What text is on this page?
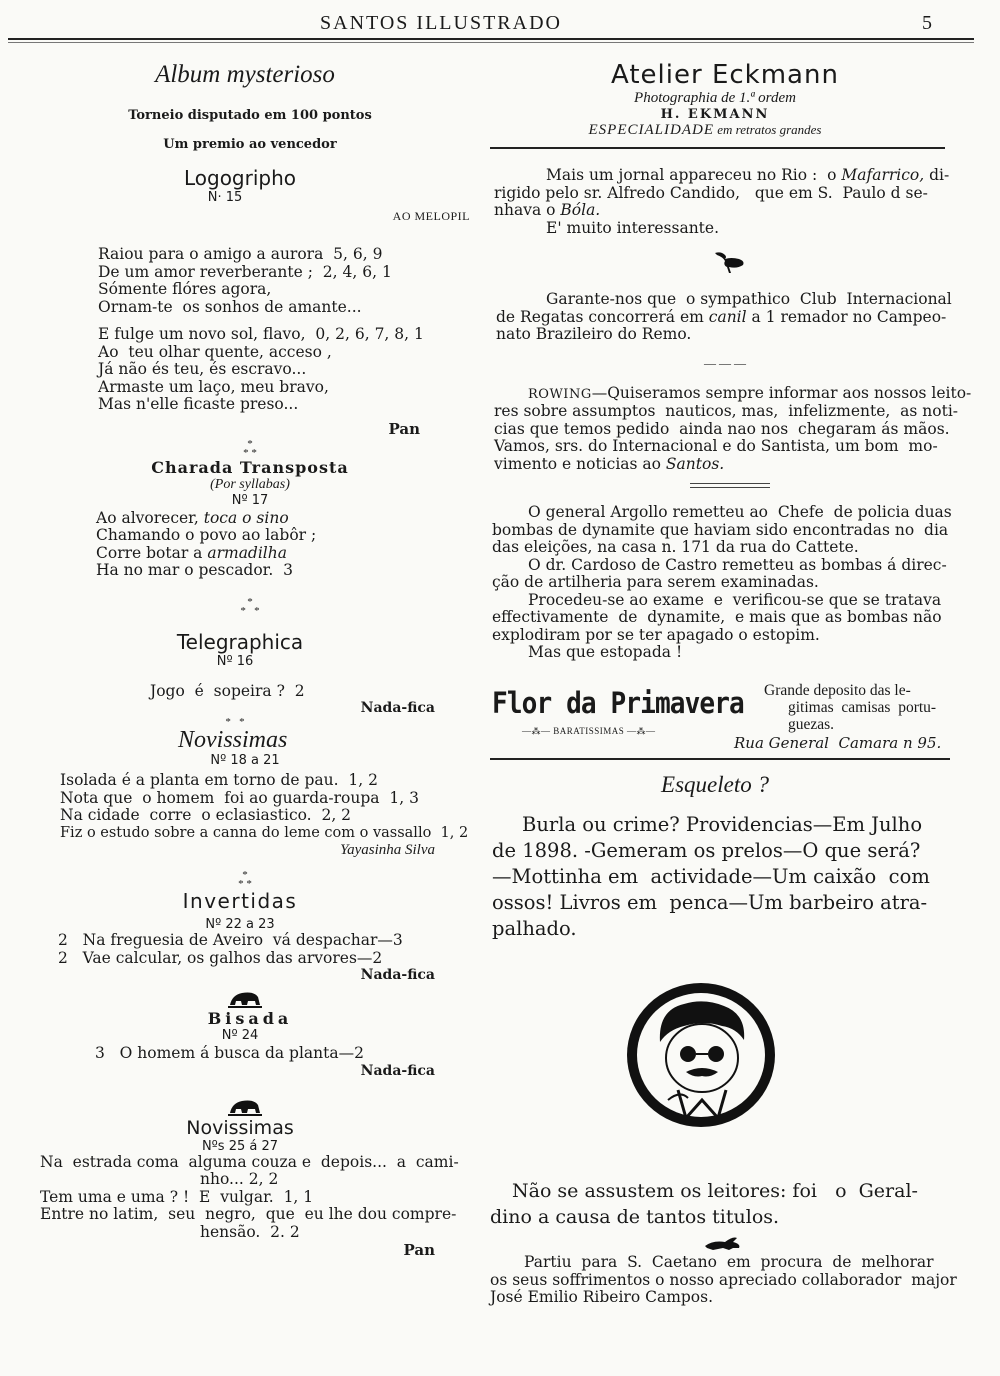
SANTOS ILLUSTRADO	5
Album mysterioso
Torneio disputado em 100 pontos
Um premio ao vencedor
Logogripho
N· 15
AO MELOPIL
Raiou para o amigo a aurora  5, 6, 9
De um amor reverberante ;  2, 4, 6, 1
Sómente flóres agora,
Ornam-te  os sonhos de amante...
E fulge um novo sol, flavo,  0, 2, 6, 7, 8, 1
Ao  teu olhar quente, acceso ,
Já não és teu, és escravo...
Armaste um laço, meu bravo,
Mas n'elle ficaste preso...
Pan
*
* *
Charada Transposta
(Por syllabas)
Nº 17
Ao alvorecer, toca o sino
Chamando o povo ao labôr ;
Corre botar a armadilha
Ha no mar o pescador.  3
*
*   *
Telegraphica
Nº 16
Jogo  é  sopeira ?  2
Nada-fica
*   *
Novissimas
Nº 18 a 21
Isolada é a planta em torno de pau.  1, 2
Nota que  o homem  foi ao guarda-roupa  1, 3
Na cidade  corre  o eclasiastico.  2, 2
Fiz o estudo sobre a canna do leme com o vassallo  1, 2
Yayasinha Silva
*
* *
Invertidas
Nº 22 a 23
2   Na freguesia de Aveiro  vá despachar—3
2   Vae calcular, os galhos das arvores—2
Nada-fica
Bisada
Nº 24
3   O homem á busca da planta—2
Nada-fica
Novissimas
Nºs 25 á 27
Na  estrada coma  alguma couza e  depois...  a  cami-
nho... 2, 2
Tem uma e uma ? !  E  vulgar.  1, 1
Entre no latim,  seu  negro,  que  eu lhe dou compre-
hensão.  2. 2
Pan
Atelier Eckmann
Photographia de 1.ª ordem
H. EKMANN
ESPECIALIDADE em retratos grandes
Mais um jornal appareceu no Rio :  o Mafarrico, di-
rigido pelo sr. Alfredo Candido,   que em S.  Paulo d se-
nhava o Bóla.
E' muito interessante.
Garante-nos que  o sympathico  Club  Internacional
de Regatas concorrerá em canil a 1 remador no Campeo-
nato Brazileiro do Remo.
— — —
ROWING—Quiseramos sempre informar aos nossos leito-
res sobre assumptos  nauticos, mas,  infelizmente,  as noti-
cias que temos pedido  ainda nao nos  chegaram ás mãos.
Vamos, srs. do Internacional e do Santista, um bom  mo-
vimento e noticias ao Santos.
O general Argollo remetteu ao  Chefe  de policia duas
bombas de dynamite que haviam sido encontradas no  dia
das eleições, na casa n. 171 da rua do Cattete.
O dr. Cardoso de Castro remetteu as bombas á direc-
ção de artilheria para serem examinadas.
Procedeu-se ao exame  e  verificou-se que se tratava
effectivamente  de  dynamite,  e mais que as bombas não
explodiram por se ter apagado o estopim.
Mas que estopada !
Flor da Primavera
—⁂— BARATISSIMAS —⁂—
Grande deposito das le-
gitimas  camisas  portu-
guezas.
Rua General  Camara n 95.
Esqueleto ?
Burla ou crime? Providencias—Em Julho
de 1898. -Gemeram os prelos—O que será?
—Mottinha em  actividade—Um caixão  com
ossos! Livros em  penca—Um barbeiro atra-
palhado.
Não se assustem os leitores: foi   o  Geral-
dino a causa de tantos titulos.
Partiu  para  S.  Caetano  em  procura  de  melhorar
os seus soffrimentos o nosso apreciado collaborador  major
José Emilio Ribeiro Campos.
